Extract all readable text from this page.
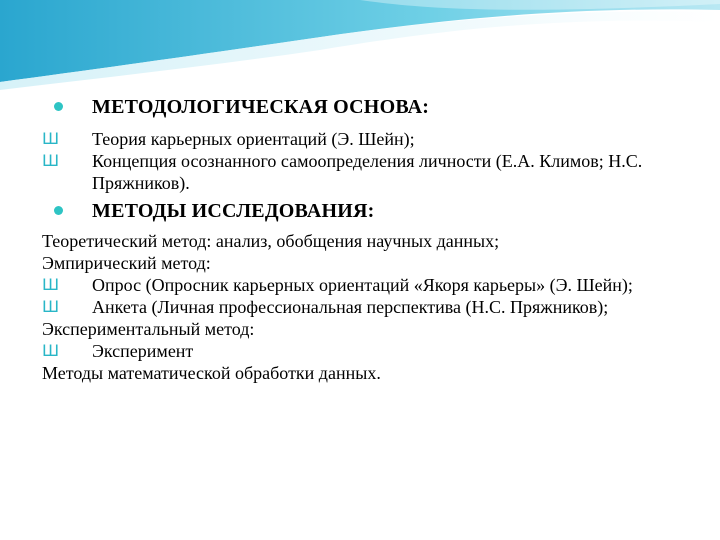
МЕТОДОЛОГИЧЕСКАЯ ОСНОВА:
Ш Теория карьерных ориентаций (Э. Шейн);
Ш Концепция осознанного самоопределения личности (Е.А. Климов; Н.С. Пряжников).
МЕТОДЫ ИССЛЕДОВАНИЯ:
Теоретический метод: анализ, обобщения научных данных;
Эмпирический метод:
Ш Опрос (Опросник карьерных ориентаций «Якоря карьеры» (Э. Шейн);
Ш Анкета (Личная профессиональная перспектива (Н.С. Пряжников);
Экспериментальный метод:
Ш Эксперимент
Методы математической обработки данных.
